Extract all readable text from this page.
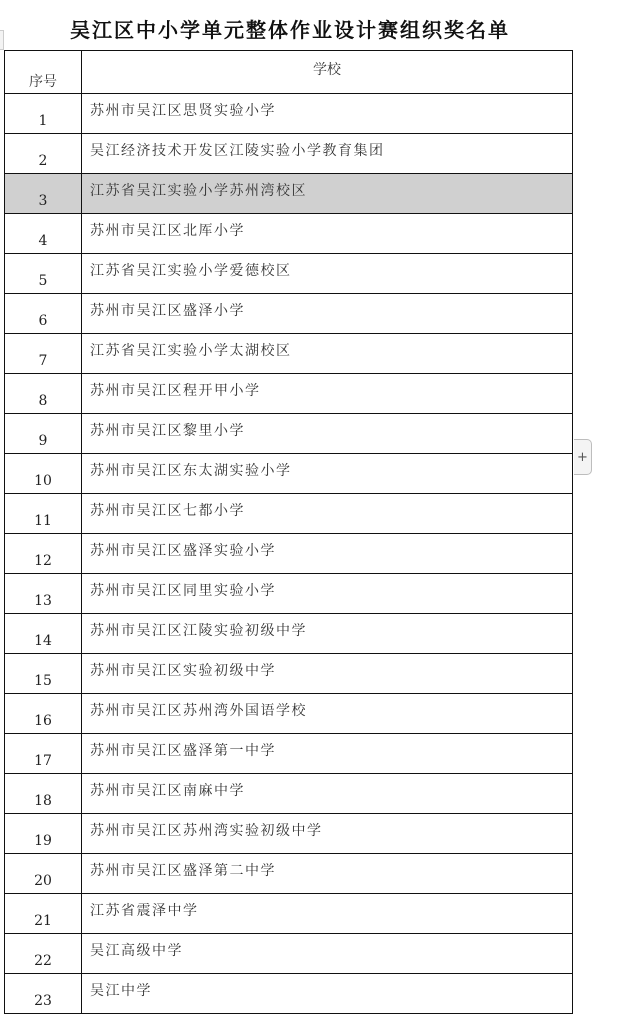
吴江区中小学单元整体作业设计赛组织奖名单
序号	学校
1	苏州市吴江区思贤实验小学
2	吴江经济技术开发区江陵实验小学教育集团
3	江苏省吴江实验小学苏州湾校区
4	苏州市吴江区北厍小学
5	江苏省吴江实验小学爱德校区
6	苏州市吴江区盛泽小学
7	江苏省吴江实验小学太湖校区
8	苏州市吴江区程开甲小学
9	苏州市吴江区黎里小学
10	苏州市吴江区东太湖实验小学
11	苏州市吴江区七都小学
12	苏州市吴江区盛泽实验小学
13	苏州市吴江区同里实验小学
14	苏州市吴江区江陵实验初级中学
15	苏州市吴江区实验初级中学
16	苏州市吴江区苏州湾外国语学校
17	苏州市吴江区盛泽第一中学
18	苏州市吴江区南麻中学
19	苏州市吴江区苏州湾实验初级中学
20	苏州市吴江区盛泽第二中学
21	江苏省震泽中学
22	吴江高级中学
23	吴江中学
+
